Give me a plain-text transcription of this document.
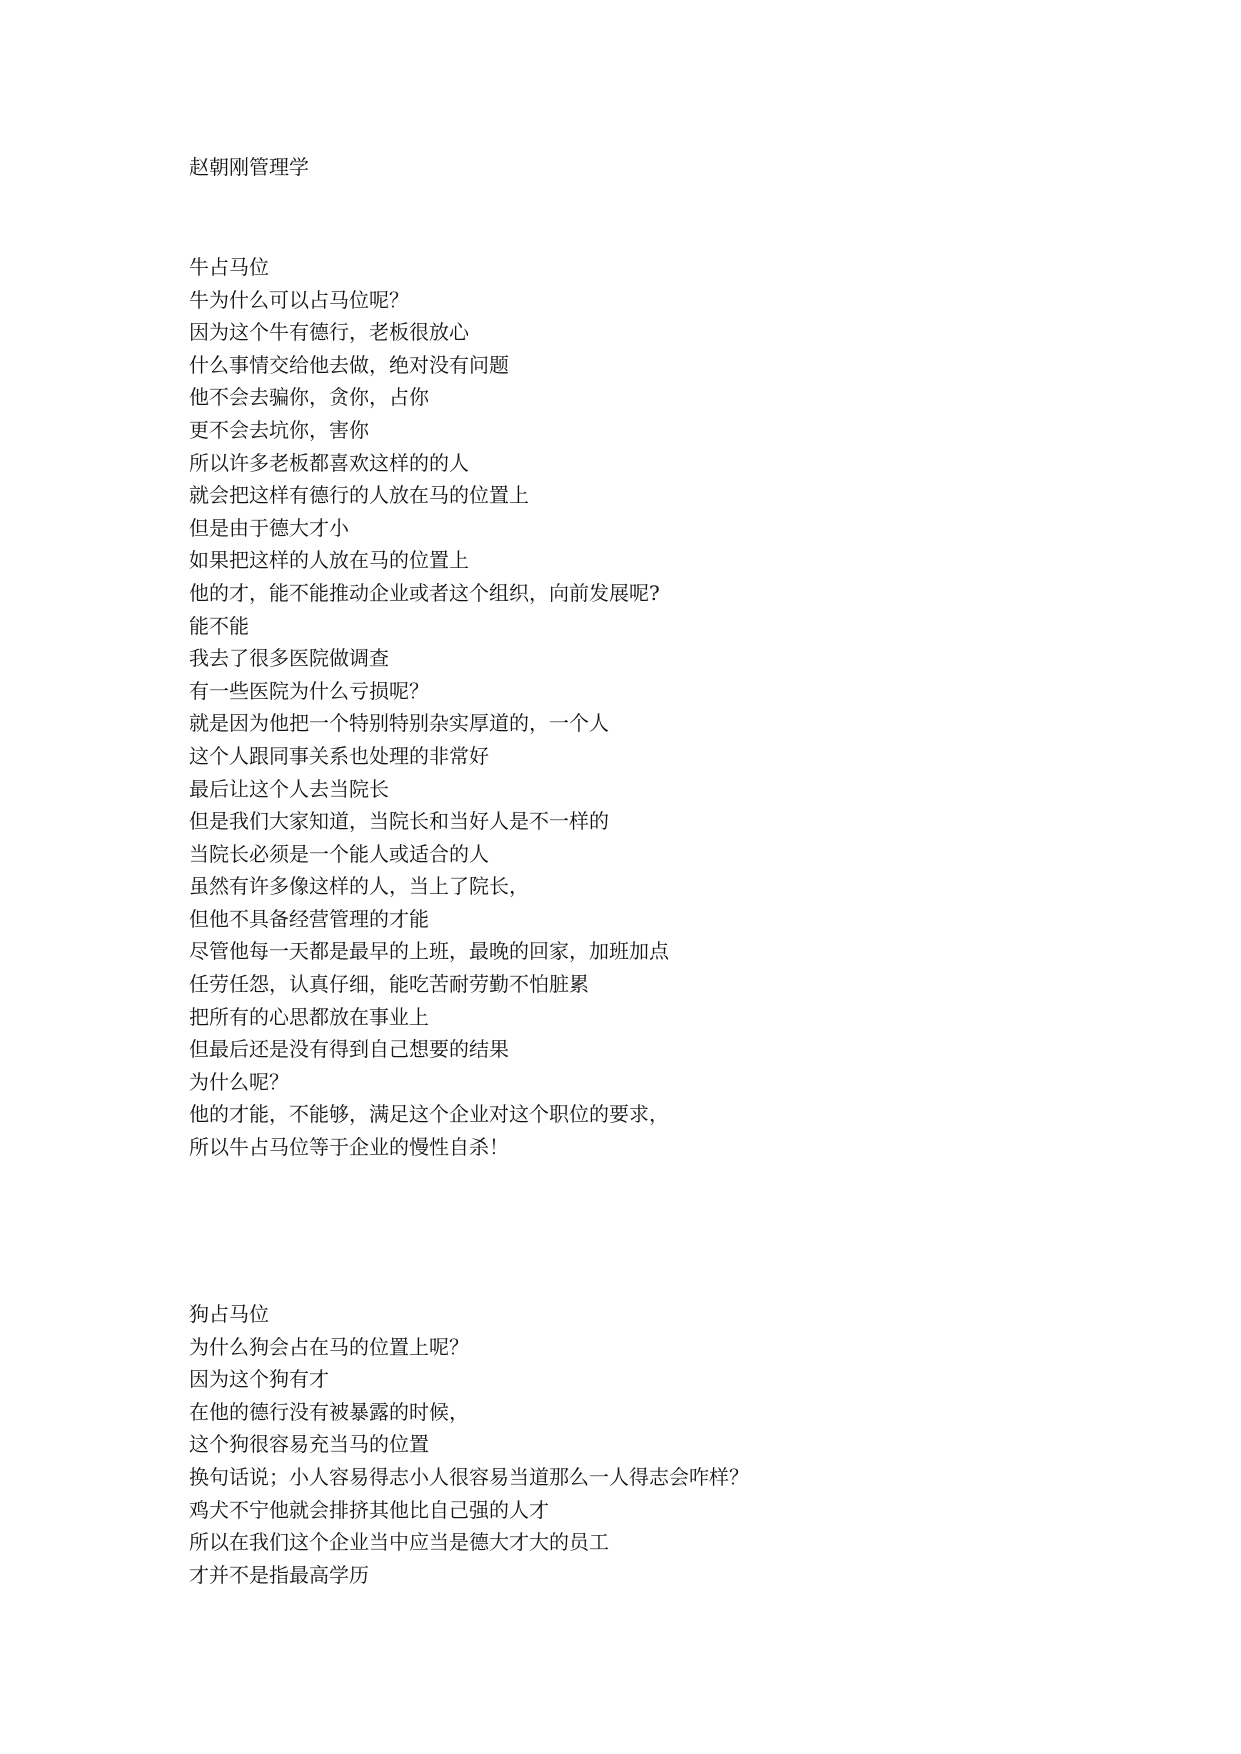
赵朝刚管理学
牛占马位
牛为什么可以占马位呢？
因为这个牛有德行，老板很放心
什么事情交给他去做，绝对没有问题
他不会去骗你，贪你，占你
更不会去坑你，害你
所以许多老板都喜欢这样的的人
就会把这样有德行的人放在马的位置上
但是由于德大才小
如果把这样的人放在马的位置上
他的才，能不能推动企业或者这个组织，向前发展呢?
能不能
我去了很多医院做调查
有一些医院为什么亏损呢？
就是因为他把一个特别特别杂实厚道的，一个人
这个人跟同事关系也处理的非常好
最后让这个人去当院长
但是我们大家知道，当院长和当好人是不一样的
当院长必须是一个能人或适合的人
虽然有许多像这样的人，当上了院长，
但他不具备经营管理的才能
尽管他每一天都是最早的上班，最晚的回家，加班加点
任劳任怨，认真仔细，能吃苦耐劳勤不怕脏累
把所有的心思都放在事业上
但最后还是没有得到自己想要的结果
为什么呢？
他的才能，不能够，满足这个企业对这个职位的要求，
所以牛占马位等于企业的慢性自杀！
狗占马位
为什么狗会占在马的位置上呢？
因为这个狗有才
在他的德行没有被暴露的时候，
这个狗很容易充当马的位置
换句话说；小人容易得志小人很容易当道那么一人得志会咋样？
鸡犬不宁他就会排挤其他比自己强的人才
所以在我们这个企业当中应当是德大才大的员工
才并不是指最高学历
